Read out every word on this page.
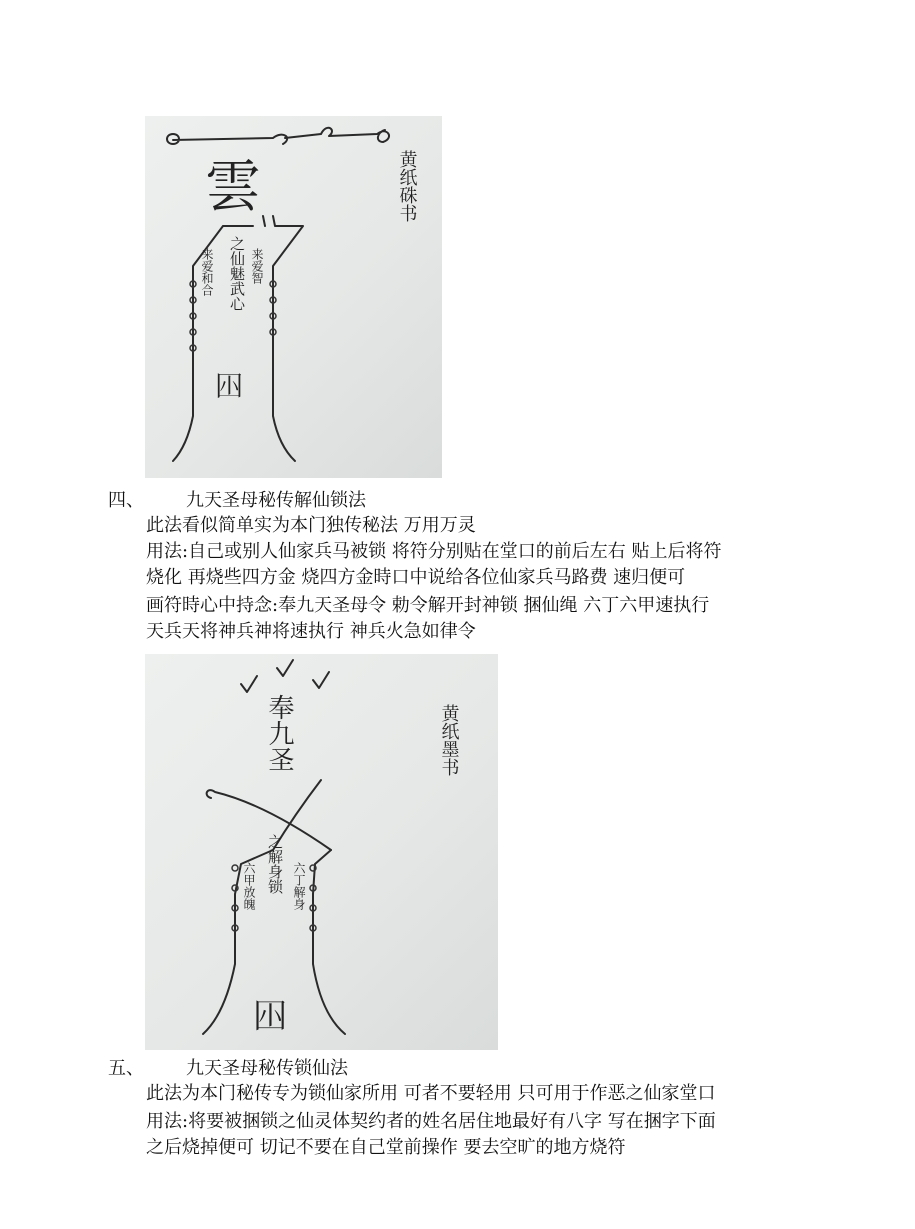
雲
之仙魅武心
来爱和合	来爱智
𡆧
黄纸硃书
四、 九天圣母秘传解仙锁法
此法看似简单实为本门独传秘法 万用万灵
用法:自己或别人仙家兵马被锁 将符分别贴在堂口的前后左右 贴上后将符
烧化 再烧些四方金 烧四方金時口中说给各位仙家兵马路费 速归便可
画符時心中持念:奉九天圣母令 勅令解开封神锁 捆仙绳 六丁六甲速执行
天兵天将神兵神将速执行 神兵火急如律令
奉九圣
之解身锁
六甲放魄	六丁解身
𡆧
黄纸墨书
五、 九天圣母秘传锁仙法
此法为本门秘传专为锁仙家所用 可者不要轻用 只可用于作恶之仙家堂口
用法:将要被捆锁之仙灵体契约者的姓名居住地最好有八字 写在捆字下面
之后烧掉便可 切记不要在自己堂前操作 要去空旷的地方烧符
